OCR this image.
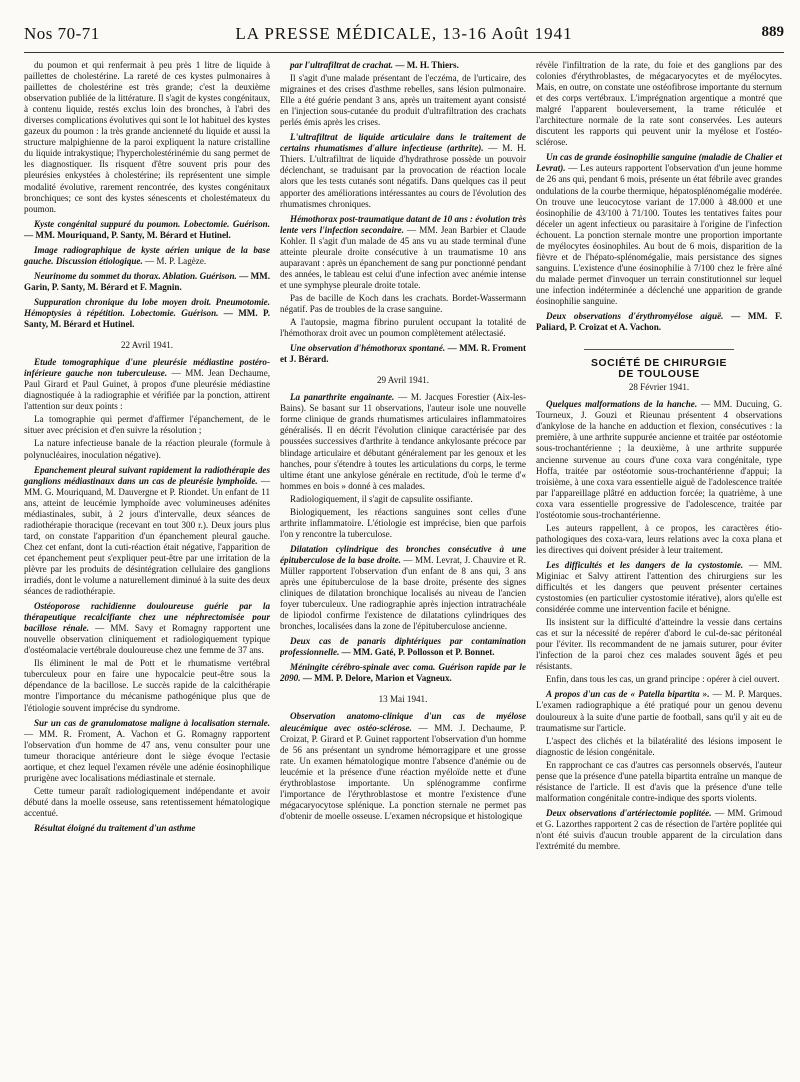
Nos 70-71	LA PRESSE MÉDICALE, 13-16 Août 1941	889

du poumon et qui renfermait à peu près 1 litre de liquide à paillettes de cholestérine. La rareté de ces kystes pulmonaires à paillettes de cholestérine est très grande; c'est la deuxième observation publiée de la littérature. Il s'agit de kystes congénitaux, à contenu liquide, restés exclus loin des bronches, à l'abri des diverses complications évolutives qui sont le lot habituel des kystes gazeux du poumon : la très grande ancienneté du liquide et aussi la structure malpighienne de la paroi expliquent la nature cristalline du liquide intrakystique; l'hypercholestérinémie du sang permet de les diagnostiquer. Ils risquent d'être souvent pris pour des pleurésies enkystées à cholestérine; ils représentent une simple modalité évolutive, rarement rencontrée, des kystes congénitaux bronchiques; ce sont des kystes sénescents et cholestémateux du poumon.

Kyste congénital suppuré du poumon. Lobectomie. Guérison. — MM. Mouriquand, P. Santy, M. Bérard et Hutinel.

Image radiographique de kyste aérien unique de la base gauche. Discussion étiologique. — M. P. Lagèze.

Neurinome du sommet du thorax. Ablation. Guérison. — MM. Garin, P. Santy, M. Bérard et F. Magnin.

Suppuration chronique du lobe moyen droit. Pneumotomie. Hémoptysies à répétition. Lobectomie. Guérison. — MM. P. Santy, M. Bérard et Hutinel.

22 Avril 1941.

Etude tomographique d'une pleurésie médiastine postéro-inférieure gauche non tuberculeuse. — MM. Jean Dechaume, Paul Girard et Paul Guinet, à propos d'une pleurésie médiastine diagnostiquée à la radiographie et vérifiée par la ponction, attirent l'attention sur deux points :

La tomographie qui permet d'affirmer l'épanchement, de le situer avec précision et d'en suivre la résolution ;

La nature infectieuse banale de la réaction pleurale (formule à polynucléaires, inoculation négative).

Epanchement pleural suivant rapidement la radiothérapie des ganglions médiastinaux dans un cas de pleurésie lymphoïde. — MM. G. Mouriquand, M. Dauvergne et P. Riondet. Un enfant de 11 ans, atteint de leucémie lymphoïde avec volumineuses adénites médiastinales, subit, à 2 jours d'intervalle, deux séances de radiothérapie thoracique (recevant en tout 300 r.). Deux jours plus tard, on constate l'apparition d'un épanchement pleural gauche. Chez cet enfant, dont la cuti-réaction était négative, l'apparition de cet épanchement peut s'expliquer peut-être par une irritation de la plèvre par les produits de désintégration cellulaire des ganglions irradiés, dont le volume a naturellement diminué à la suite des deux séances de radiothérapie.

Ostéoporose rachidienne douloureuse guérie par la thérapeutique recalcifiante chez une néphrectomisée pour bacillose rénale. — MM. Savy et Romagny rapportent une nouvelle observation cliniquement et radiologiquement typique d'ostéomalacie vertébrale douloureuse chez une femme de 37 ans.

Ils éliminent le mal de Pott et le rhumatisme vertébral tuberculeux pour en faire une hypocalcie peut-être sous la dépendance de la bacillose. Le succès rapide de la calcithérapie montre l'importance du mécanisme pathogénique plus que de l'étiologie souvent imprécise du syndrome.

Sur un cas de granulomatose maligne à localisation sternale. — MM. R. Froment, A. Vachon et G. Romagny rapportent l'observation d'un homme de 47 ans, venu consulter pour une tumeur thoracique antérieure dont le siège évoque l'ectasie aortique, et chez lequel l'examen révèle une adénie éosinophilique prurigène avec localisations médiastinale et sternale.

Cette tumeur paraît radiologiquement indépendante et avoir débuté dans la moelle osseuse, sans retentissement hématologique accentué.

Résultat éloigné du traitement d'un asthme

par l'ultrafiltrat de crachat. — M. H. Thiers.

Il s'agit d'une malade présentant de l'eczéma, de l'urticaire, des migraines et des crises d'asthme rebelles, sans lésion pulmonaire. Elle a été guérie pendant 3 ans, après un traitement ayant consisté en l'injection sous-cutanée du produit d'ultrafiltration des crachats perlés émis après les crises.

L'ultrafiltrat de liquide articulaire dans le traitement de certains rhumatismes d'allure infectieuse (arthrite). — M. H. Thiers. L'ultrafiltrat de liquide d'hydrathrose possède un pouvoir déclenchant, se traduisant par la provocation de réaction locale alors que les tests cutanés sont négatifs. Dans quelques cas il peut apporter des améliorations intéressantes au cours de l'évolution des rhumatismes chroniques.

Hémothorax post-traumatique datant de 10 ans : évolution très lente vers l'infection secondaire. — MM. Jean Barbier et Claude Kohler. Il s'agit d'un malade de 45 ans vu au stade terminal d'une atteinte pleurale droite consécutive à un traumatisme 10 ans auparavant : après un épanchement de sang pur ponctionné pendant des années, le tableau est celui d'une infection avec anémie intense et une symphyse pleurale droite totale.

Pas de bacille de Koch dans les crachats. Bordet-Wassermann négatif. Pas de troubles de la crase sanguine.

A l'autopsie, magma fibrino purulent occupant la totalité de l'hémothorax droit avec un poumon complètement atélectasié.

Une observation d'hémothorax spontané. — MM. R. Froment et J. Bérard.

29 Avril 1941.

La panarthrite engainante. — M. Jacques Forestier (Aix-les-Bains). Se basant sur 11 observations, l'auteur isole une nouvelle forme clinique de grands rhumatismes articulaires inflammatoires généralisés. Il en décrit l'évolution clinique caractérisée par des poussées successives d'arthrite à tendance ankylosante précoce par blindage articulaire et débutant généralement par les genoux et les hanches, pour s'étendre à toutes les articulations du corps, le terme ultime étant une ankylose générale en rectitude, d'où le terme d'« hommes en bois » donné à ces malades.

Radiologiquement, il s'agit de capsulite ossifiante.

Biologiquement, les réactions sanguines sont celles d'une arthrite inflammatoire. L'étiologie est imprécise, bien que parfois l'on y rencontre la tuberculose.

Dilatation cylindrique des bronches consécutive à une épituberculose de la base droite. — MM. Levrat, J. Chauvire et R. Müller rapportent l'observation d'un enfant de 8 ans qui, 3 ans après une épituberculose de la base droite, présente des signes cliniques de dilatation bronchique localisés au niveau de l'ancien foyer tuberculeux. Une radiographie après injection intratrachéale de lipiodol confirme l'existence de dilatations cylindriques des bronches, localisées dans la zone de l'épituberculose ancienne.

Deux cas de panaris diphtériques par contamination professionnelle. — MM. Gaté, P. Pollosson et P. Bonnet.

Méningite cérébro-spinale avec coma. Guérison rapide par le 2090. — MM. P. Delore, Marion et Vagneux.

13 Mai 1941.

Observation anatomo-clinique d'un cas de myélose aleucémique avec ostéo-sclérose. — MM. J. Dechaume, P. Croizat, P. Girard et P. Guinet rapportent l'observation d'un homme de 56 ans présentant un syndrome hémorragipare et une grosse rate. Un examen hématologique montre l'absence d'anémie ou de leucémie et la présence d'une réaction myéloïde nette et d'une érythroblastose importante. Un splénogramme confirme l'importance de l'érythroblastose et montre l'existence d'une mégacaryocytose splénique. La ponction sternale ne permet pas d'obtenir de moelle osseuse. L'examen nécropsique et histologique

révèle l'infiltration de la rate, du foie et des ganglions par des colonies d'érythroblastes, de mégacaryocytes et de myélocytes. Mais, en outre, on constate une ostéofibrose importante du sternum et des corps vertébraux. L'imprégnation argentique a montré que malgré l'apparent bouleversement, la trame réticulée et l'architecture normale de la rate sont conservées. Les auteurs discutent les rapports qui peuvent unir la myélose et l'ostéo-sclérose.

Un cas de grande éosinophilie sanguine (maladie de Chalier et Levrat). — Les auteurs rapportent l'observation d'un jeune homme de 26 ans qui, pendant 6 mois, présente un état fébrile avec grandes ondulations de la courbe thermique, hépatosplénomégalie modérée. On trouve une leucocytose variant de 17.000 à 48.000 et une éosinophilie de 43/100 à 71/100. Toutes les tentatives faites pour déceler un agent infectieux ou parasitaire à l'origine de l'infection échouent. La ponction sternale montre une proportion importante de myélocytes éosinophiles. Au bout de 6 mois, disparition de la fièvre et de l'hépato-splénomégalie, mais persistance des signes sanguins. L'existence d'une éosinophilie à 7/100 chez le frère aîné du malade permet d'invoquer un terrain constitutionnel sur lequel une infection indéterminée a déclenché une apparition de grande éosinophilie sanguine.

Deux observations d'érythromyélose aiguë. — MM. F. Paliard, P. Croizat et A. Vachon.

SOCIÉTÉ DE CHIRURGIE DE TOULOUSE

28 Février 1941.

Quelques malformations de la hanche. — MM. Ducuing, G. Tourneux, J. Gouzi et Rieunau présentent 4 observations d'ankylose de la hanche en adduction et flexion, consécutives : la première, à une arthrite suppurée ancienne et traitée par ostéotomie sous-trochantérienne ; la deuxième, à une arthrite suppurée ancienne survenue au cours d'une coxa vara congénitale, type Hoffa, traitée par ostéotomie sous-trochantérienne d'appui; la troisième, à une coxa vara essentielle aiguë de l'adolescence traitée par l'appareillage plâtré en adduction forcée; la quatrième, à une coxa vara essentielle progressive de l'adolescence, traitée par l'ostéotomie sous-trochantérienne.

Les auteurs rappellent, à ce propos, les caractères étio-pathologiques des coxa-vara, leurs relations avec la coxa plana et les directives qui doivent présider à leur traitement.

Les difficultés et les dangers de la cystostomie. — MM. Miginiac et Salvy attirent l'attention des chirurgiens sur les difficultés et les dangers que peuvent présenter certaines cystostomies (en particulier cystostomie itérative), alors qu'elle est considérée comme une intervention facile et bénigne.

Ils insistent sur la difficulté d'atteindre la vessie dans certains cas et sur la nécessité de repérer d'abord le cul-de-sac péritonéal pour l'éviter. Ils recommandent de ne jamais suturer, pour éviter l'infection de la paroi chez ces malades souvent âgés et peu résistants.

Enfin, dans tous les cas, un grand principe : opérer à ciel ouvert.

A propos d'un cas de « Patella bipartita ». — M. P. Marques. L'examen radiographique a été pratiqué pour un genou devenu douloureux à la suite d'une partie de football, sans qu'il y ait eu de traumatisme sur l'article.

L'aspect des clichés et la bilatéralité des lésions imposent le diagnostic de lésion congénitale.

En rapprochant ce cas d'autres cas personnels observés, l'auteur pense que la présence d'une patella bipartita entraîne un manque de résistance de l'article. Il est d'avis que la présence d'une telle malformation congénitale contre-indique des sports violents.

Deux observations d'artériectomie poplitée. — MM. Grimoud et G. Lazorthes rapportent 2 cas de résection de l'artère poplitée qui n'ont été suivis d'aucun trouble apparent de la circulation dans l'extrémité du membre.
